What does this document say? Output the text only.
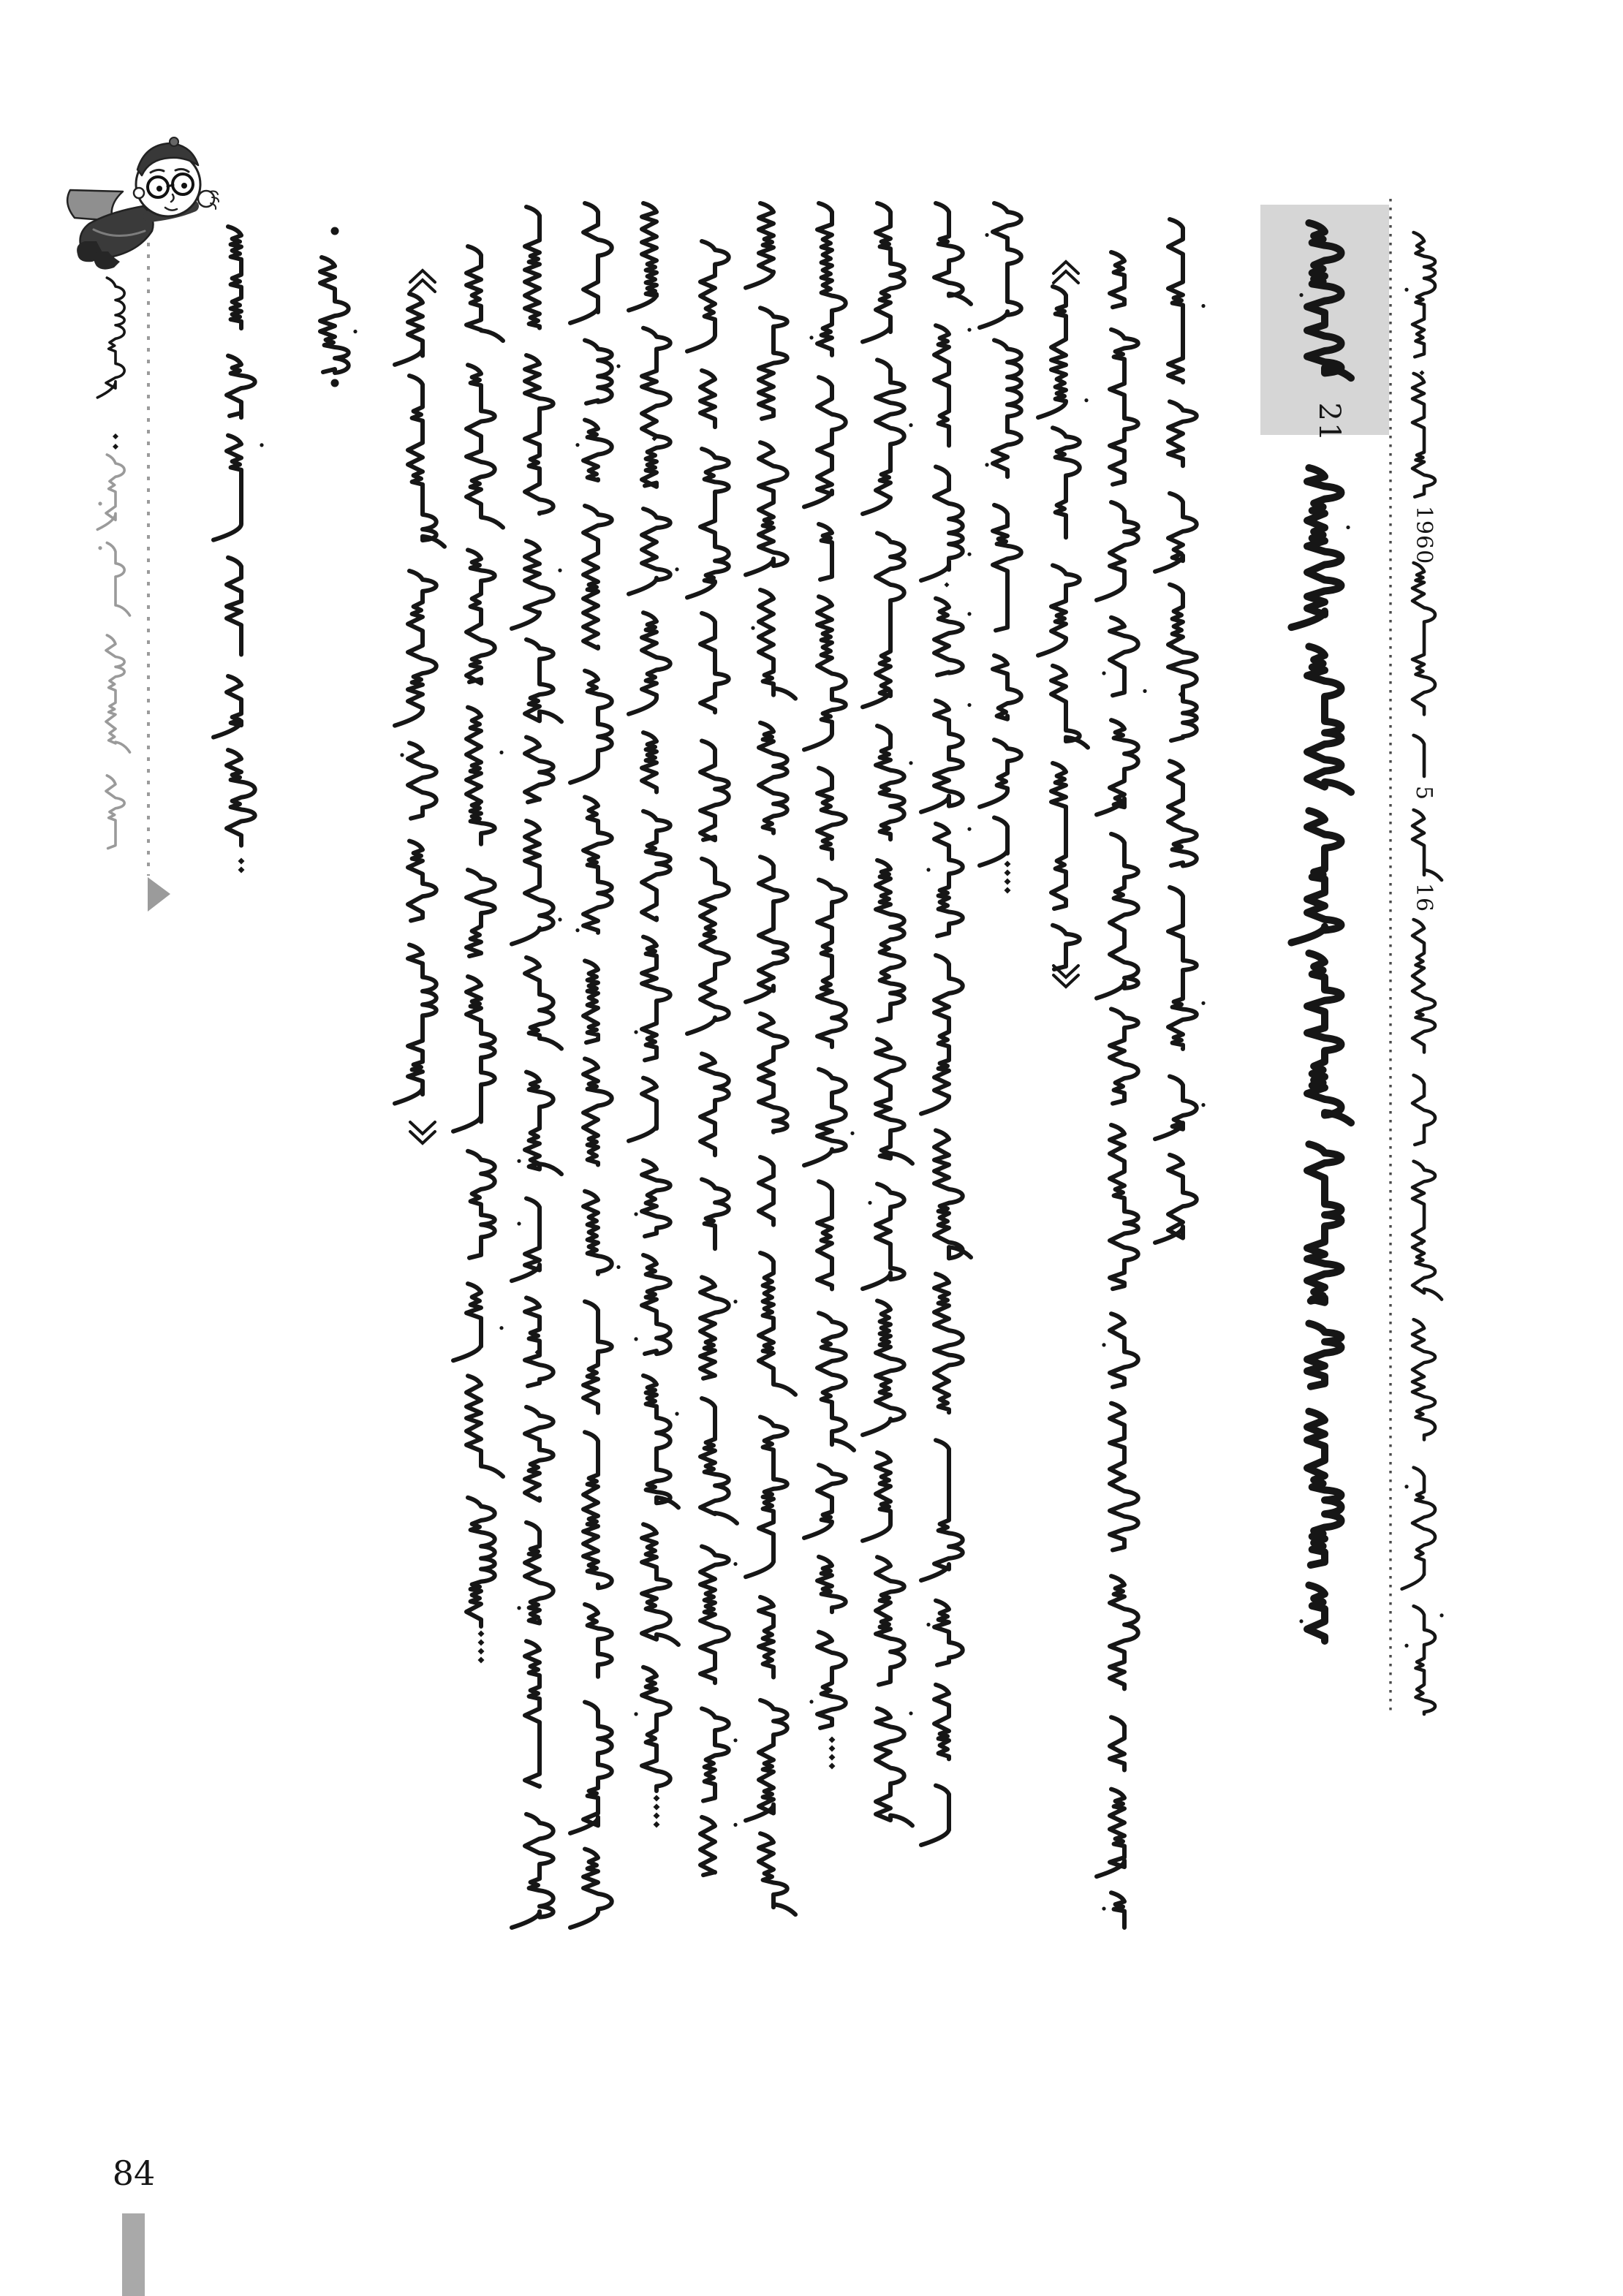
21
1960
5
16
84
